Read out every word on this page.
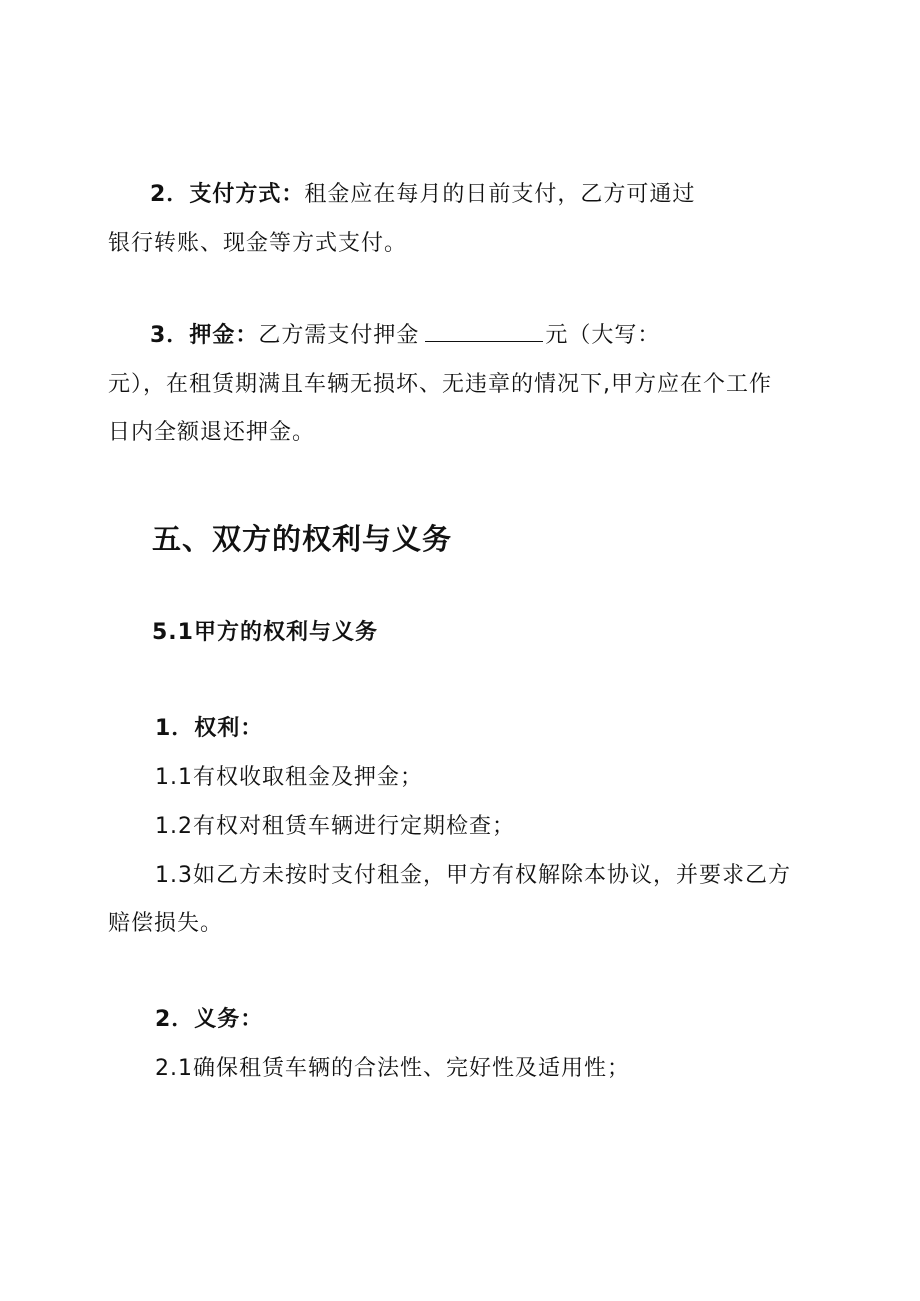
2．支付方式：租金应在每月的日前支付，乙方可通过
银行转账、现金等方式支付。
3．押金：乙方需支付押金	元（大写：
元），在租赁期满且车辆无损坏、无违章的情况下,甲方应在个工作
日内全额退还押金。
五、双方的权利与义务
5.1甲方的权利与义务
1．权利：
1.1有权收取租金及押金；
1.2有权对租赁车辆进行定期检查；
1.3如乙方未按时支付租金，甲方有权解除本协议，并要求乙方
赔偿损失。
2．义务：
2.1确保租赁车辆的合法性、完好性及适用性；
